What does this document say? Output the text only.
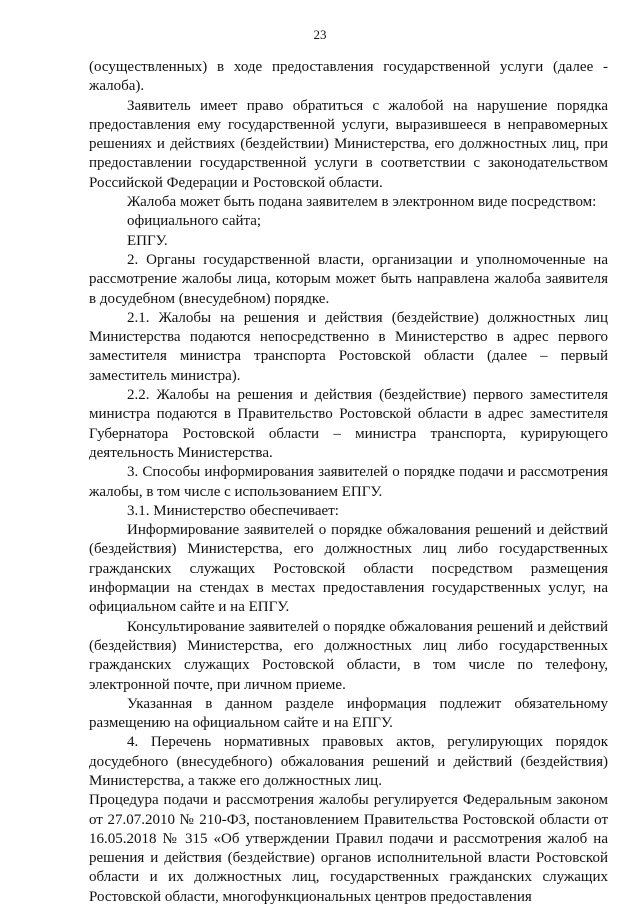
23

(осуществленных) в ходе предоставления государственной услуги (далее - жалоба).

Заявитель имеет право обратиться с жалобой на нарушение порядка предоставления ему государственной услуги, выразившееся в неправомерных решениях и действиях (бездействии) Министерства, его должностных лиц, при предоставлении государственной услуги в соответствии с законодательством Российской Федерации и Ростовской области.

Жалоба может быть подана заявителем в электронном виде посредством:

официального сайта;

ЕПГУ.

2. Органы государственной власти, организации и уполномоченные на рассмотрение жалобы лица, которым может быть направлена жалоба заявителя в досудебном (внесудебном) порядке.

2.1. Жалобы на решения и действия (бездействие) должностных лиц Министерства подаются непосредственно в Министерство в адрес первого заместителя министра транспорта Ростовской области (далее – первый заместитель министра).

2.2. Жалобы на решения и действия (бездействие) первого заместителя министра подаются в Правительство Ростовской области в адрес заместителя Губернатора Ростовской области – министра транспорта, курирующего деятельность Министерства.

3. Способы информирования заявителей о порядке подачи и рассмотрения жалобы, в том числе с использованием ЕПГУ.

3.1. Министерство обеспечивает:

Информирование заявителей о порядке обжалования решений и действий (бездействия) Министерства, его должностных лиц либо государственных гражданских служащих Ростовской области посредством размещения информации на стендах в местах предоставления государственных услуг, на официальном сайте и на ЕПГУ.

Консультирование заявителей о порядке обжалования решений и действий (бездействия) Министерства, его должностных лиц либо государственных гражданских служащих Ростовской области, в том числе по телефону, электронной почте, при личном приеме.

Указанная в данном разделе информация подлежит обязательному размещению на официальном сайте и на ЕПГУ.

4. Перечень нормативных правовых актов, регулирующих порядок досудебного (внесудебного) обжалования решений и действий (бездействия) Министерства, а также его должностных лиц.

Процедура подачи и рассмотрения жалобы регулируется Федеральным законом от 27.07.2010 № 210-ФЗ, постановлением Правительства Ростовской области от 16.05.2018 № 315 «Об утверждении Правил подачи и рассмотрения жалоб на решения и действия (бездействие) органов исполнительной власти Ростовской области и их должностных лиц, государственных гражданских служащих Ростовской области, многофункциональных центров предоставления
